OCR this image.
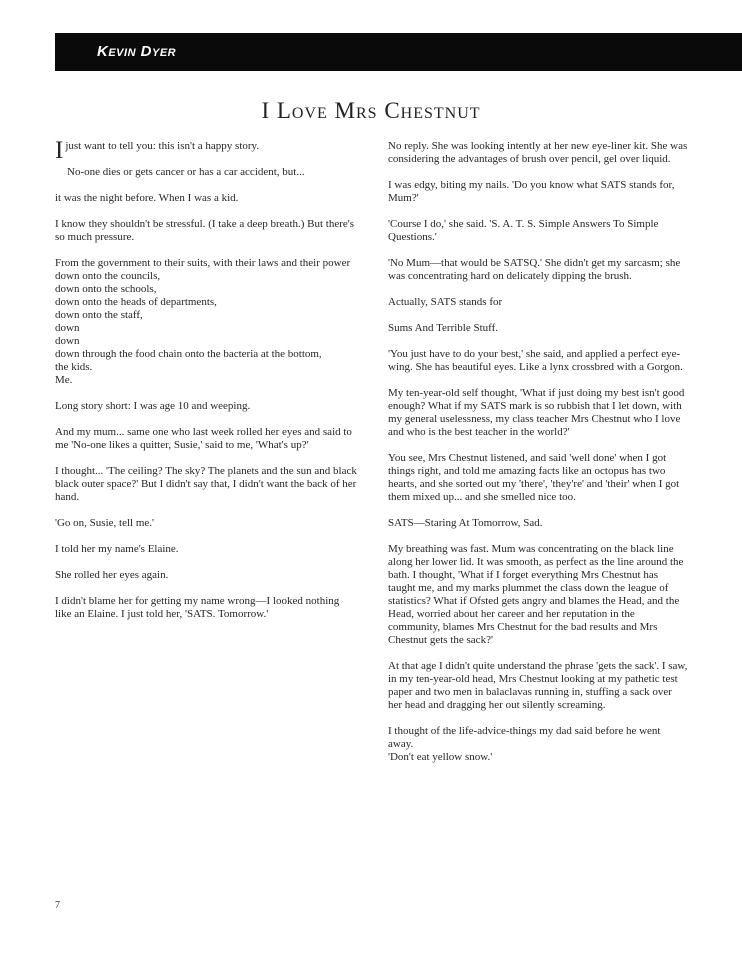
Kevin Dyer
I Love Mrs Chestnut

Ijust want to tell you: this isn't a happy story.

No-one dies or gets cancer or has a car accident, but...

it was the night before. When I was a kid.

I know they shouldn't be stressful. (I take a deep breath.) But there's so much pressure.

From the government to their suits, with their laws and their power
down onto the councils,
down onto the schools,
down onto the heads of departments,
down onto the staff,
down
down
down through the food chain onto the bacteria at the bottom,
the kids.
Me.

Long story short: I was age 10 and weeping.

And my mum... same one who last week rolled her eyes and said to me 'No-one likes a quitter, Susie,' said to me, 'What's up?'

I thought... 'The ceiling? The sky? The planets and the sun and black black outer space?' But I didn't say that, I didn't want the back of her hand.

'Go on, Susie, tell me.'

I told her my name's Elaine.

She rolled her eyes again.

I didn't blame her for getting my name wrong—I looked nothing like an Elaine. I just told her, 'SATS. Tomorrow.'

No reply. She was looking intently at her new eye-liner kit. She was considering the advantages of brush over pencil, gel over liquid.

I was edgy, biting my nails. 'Do you know what SATS stands for, Mum?'

'Course I do,' she said. 'S. A. T. S. Simple Answers To Simple Questions.'

'No Mum—that would be SATSQ.' She didn't get my sarcasm; she was concentrating hard on delicately dipping the brush.

Actually, SATS stands for

Sums And Terrible Stuff.

'You just have to do your best,' she said, and applied a perfect eye-wing. She has beautiful eyes. Like a lynx crossbred with a Gorgon.

My ten-year-old self thought, 'What if just doing my best isn't good enough? What if my SATS mark is so rubbish that I let down, with my general uselessness, my class teacher Mrs Chestnut who I love and who is the best teacher in the world?'

You see, Mrs Chestnut listened, and said 'well done' when I got things right, and told me amazing facts like an octopus has two hearts, and she sorted out my 'there', 'they're' and 'their' when I got them mixed up... and she smelled nice too.

SATS—Staring At Tomorrow, Sad.

My breathing was fast. Mum was concentrating on the black line along her lower lid. It was smooth, as perfect as the line around the bath. I thought, 'What if I forget everything Mrs Chestnut has taught me, and my marks plummet the class down the league of statistics? What if Ofsted gets angry and blames the Head, and the Head, worried about her career and her reputation in the community, blames Mrs Chestnut for the bad results and Mrs Chestnut gets the sack?'

At that age I didn't quite understand the phrase 'gets the sack'. I saw, in my ten-year-old head, Mrs Chestnut looking at my pathetic test paper and two men in balaclavas running in, stuffing a sack over her head and dragging her out silently screaming.

I thought of the life-advice-things my dad said before he went away.

'Don't eat yellow snow.'

7
